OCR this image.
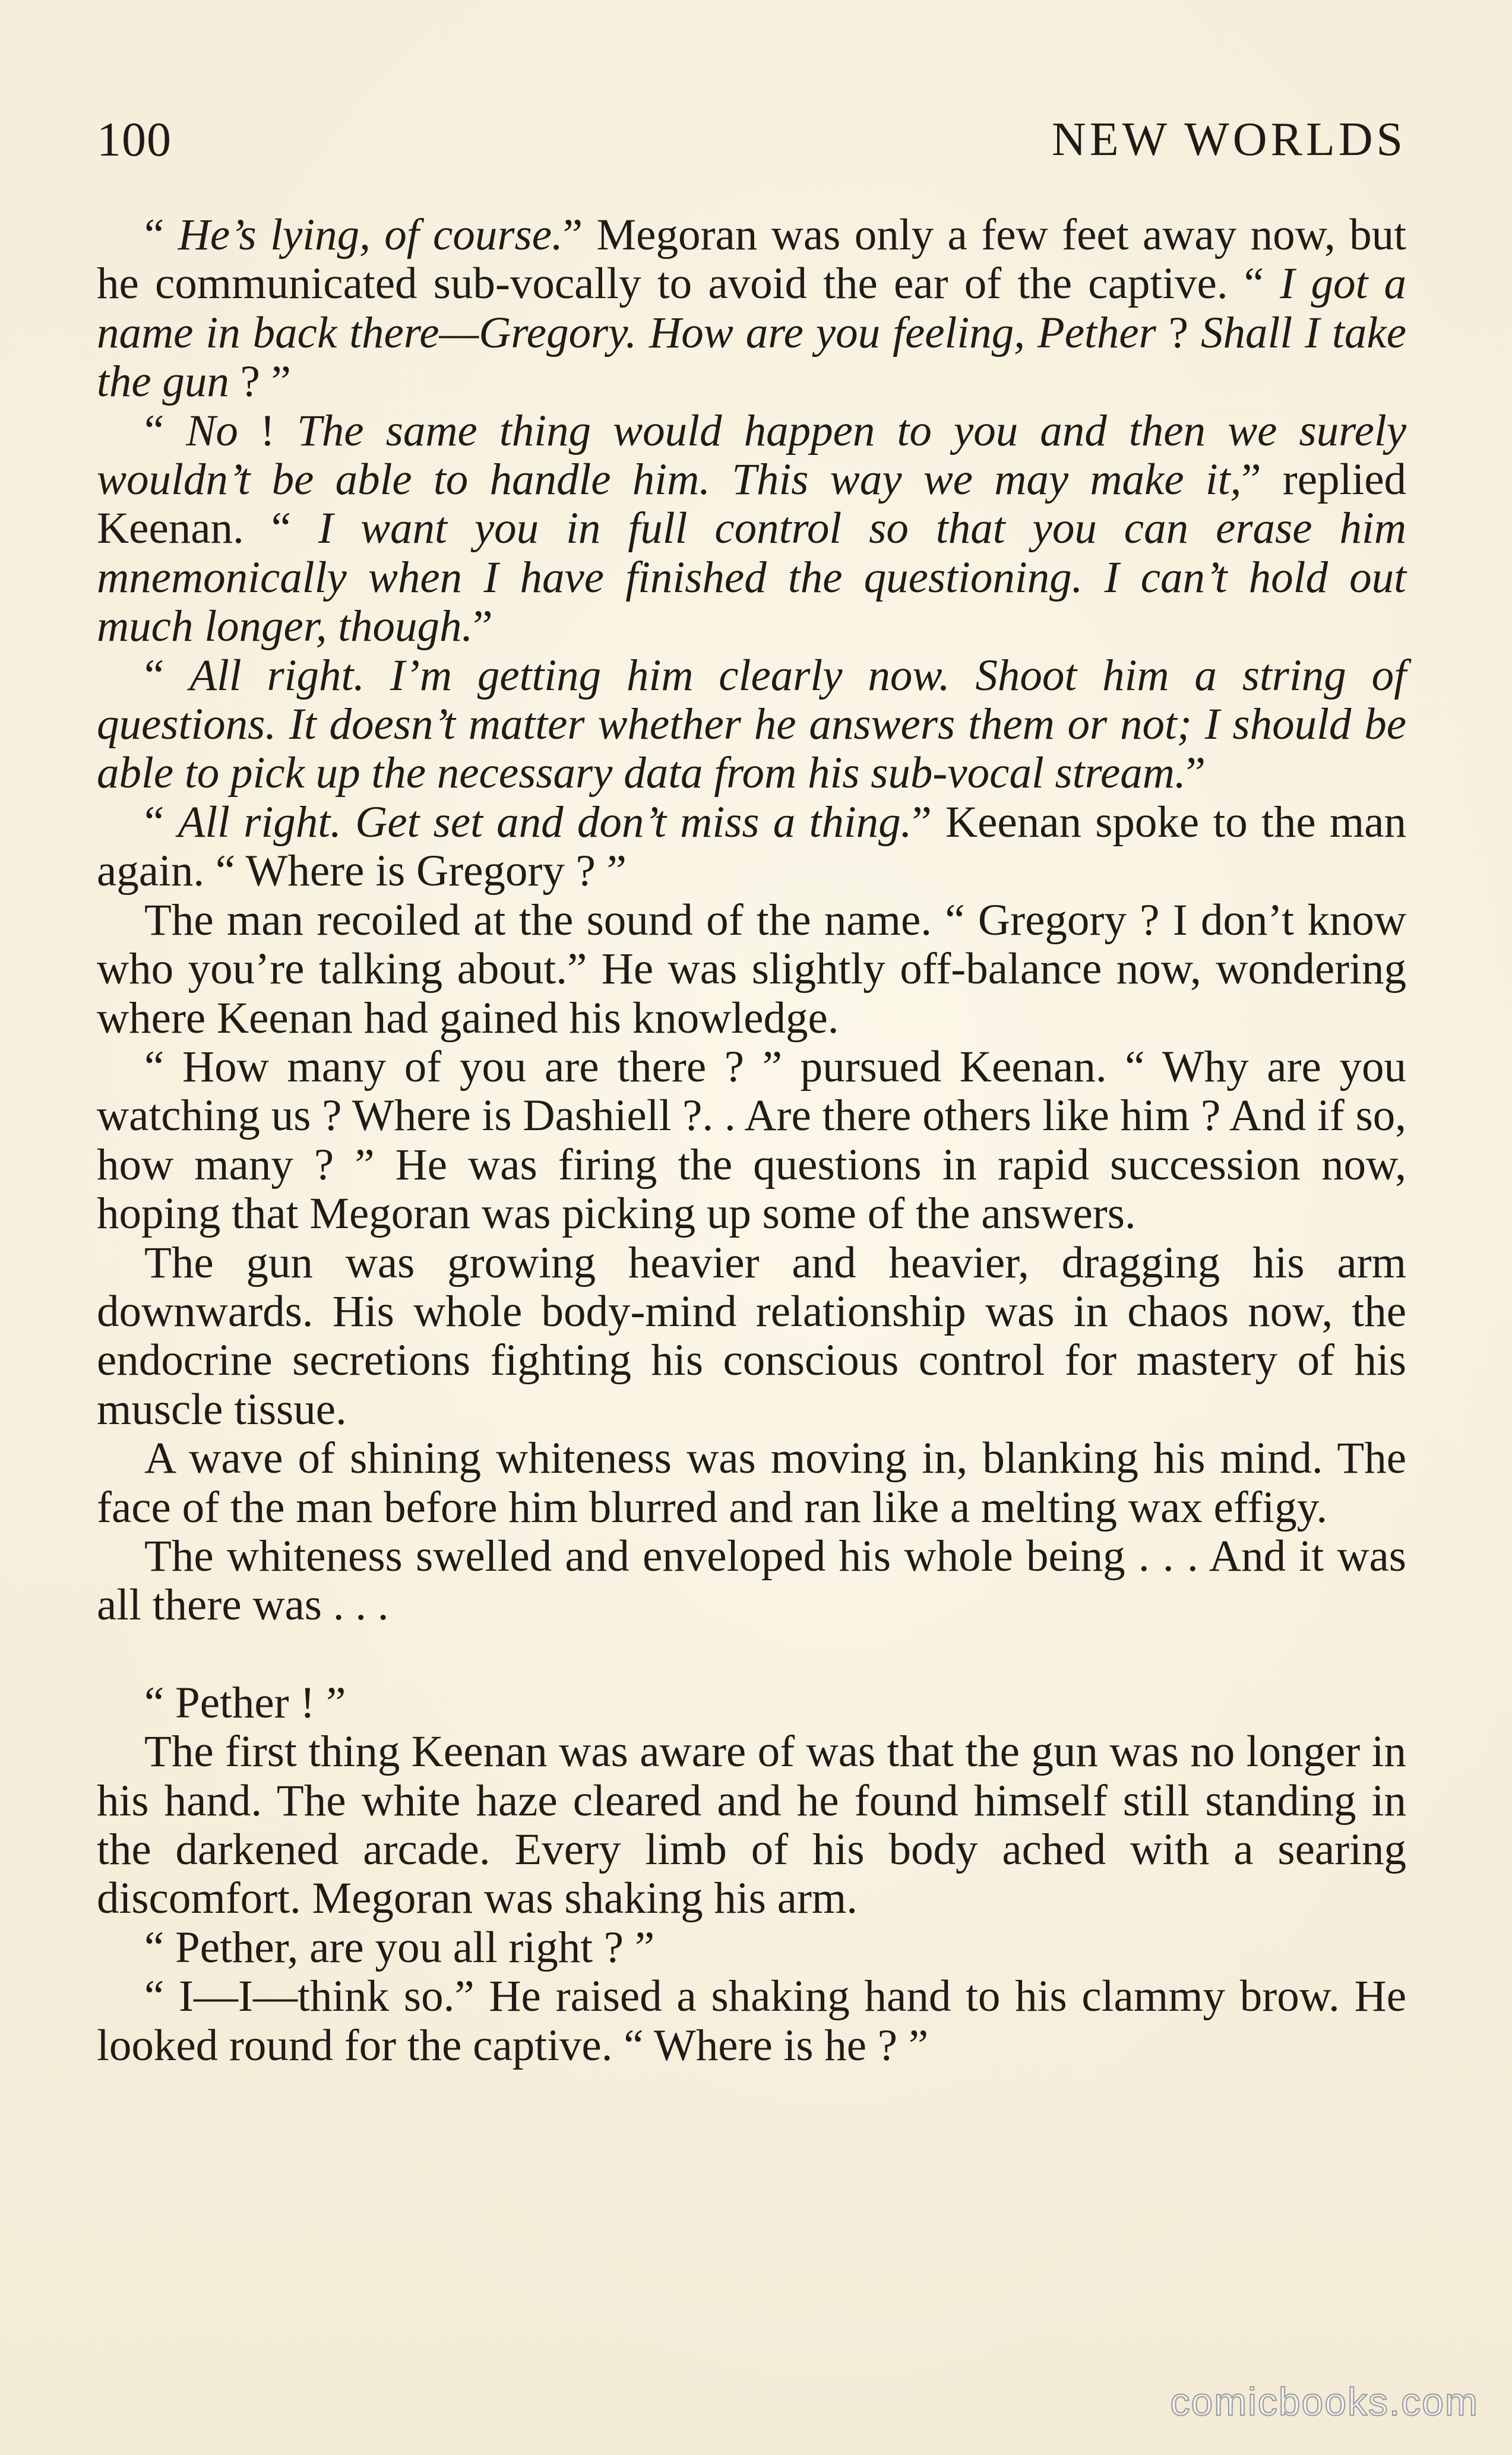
100	NEW WORLDS

“ He’s lying, of course.” Megoran was only a few feet away now, but he communicated sub-vocally to avoid the ear of the captive. “ I got a name in back there—Gregory. How are you feeling, Pether ? Shall I take the gun ? ”

“ No ! The same thing would happen to you and then we surely wouldn’t be able to handle him. This way we may make it,” replied Keenan. “ I want you in full control so that you can erase him mnemonically when I have finished the questioning. I can’t hold out much longer, though.”

“ All right. I’m getting him clearly now. Shoot him a string of questions. It doesn’t matter whether he answers them or not; I should be able to pick up the necessary data from his sub-vocal stream.”

“ All right. Get set and don’t miss a thing.” Keenan spoke to the man again. “ Where is Gregory ? ”

The man recoiled at the sound of the name. “ Gregory ? I don’t know who you’re talking about.” He was slightly off-balance now, wondering where Keenan had gained his knowledge.

“ How many of you are there ? ” pursued Keenan. “ Why are you watching us ? Where is Dashiell ?. . Are there others like him ? And if so, how many ? ” He was firing the questions in rapid succession now, hoping that Megoran was picking up some of the answers.

The gun was growing heavier and heavier, dragging his arm downwards. His whole body-mind relationship was in chaos now, the endocrine secretions fighting his conscious control for mastery of his muscle tissue.

A wave of shining whiteness was moving in, blanking his mind. The face of the man before him blurred and ran like a melting wax effigy.

The whiteness swelled and enveloped his whole being . . . And it was all there was . . .

“ Pether ! ”

The first thing Keenan was aware of was that the gun was no longer in his hand. The white haze cleared and he found himself still standing in the darkened arcade. Every limb of his body ached with a searing discomfort. Megoran was shaking his arm.

“ Pether, are you all right ? ”

“ I—I—think so.” He raised a shaking hand to his clammy brow. He looked round for the captive. “ Where is he ? ”

comicbooks.com
